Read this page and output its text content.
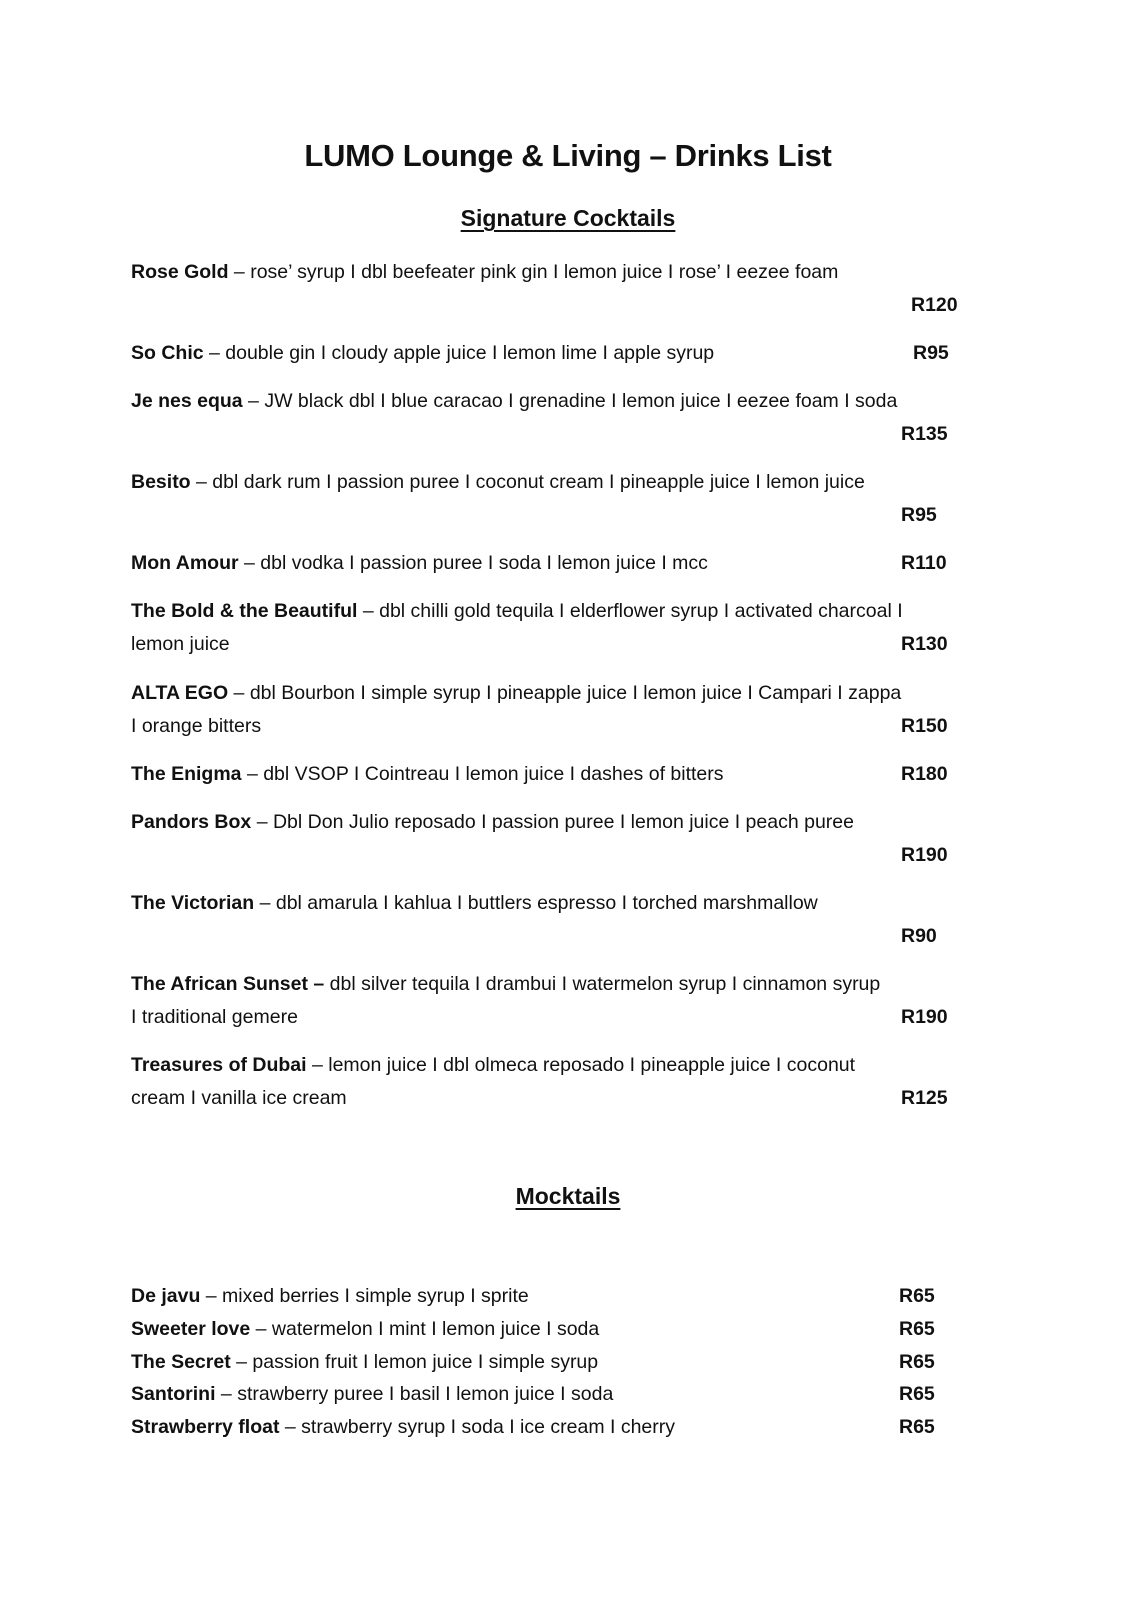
LUMO Lounge & Living – Drinks List
Signature Cocktails
Rose Gold – rose’ syrup I dbl beefeater pink gin I lemon juice I rose’ I eezee foam
R120
So Chic – double gin I cloudy apple juice I lemon lime I apple syrup	R95
Je nes equa – JW black dbl I blue caracao I grenadine I lemon juice I eezee foam I soda
R135
Besito – dbl dark rum I passion puree I coconut cream I pineapple juice I lemon juice
R95
Mon Amour – dbl vodka I passion puree I soda I lemon juice I mcc	R110
The Bold & the Beautiful – dbl chilli gold tequila I elderflower syrup I activated charcoal I lemon juice	R130
ALTA EGO – dbl Bourbon I simple syrup I pineapple juice I lemon juice I Campari I zappa I orange bitters	R150
The Enigma – dbl VSOP I Cointreau I lemon juice I dashes of bitters	R180
Pandors Box – Dbl Don Julio reposado I passion puree I lemon juice I peach puree
R190
The Victorian – dbl amarula I kahlua I buttlers espresso I torched marshmallow
R90
The African Sunset – dbl silver tequila I drambui I watermelon syrup I cinnamon syrup I traditional gemere	R190
Treasures of Dubai – lemon juice I dbl olmeca reposado I pineapple juice I coconut cream I vanilla ice cream	R125
Mocktails
De javu – mixed berries I simple syrup I sprite	R65
Sweeter love – watermelon I mint I lemon juice I soda	R65
The Secret – passion fruit I lemon juice I simple syrup	R65
Santorini – strawberry puree I basil I lemon juice I soda	R65
Strawberry float – strawberry syrup I soda I ice cream I cherry	R65
